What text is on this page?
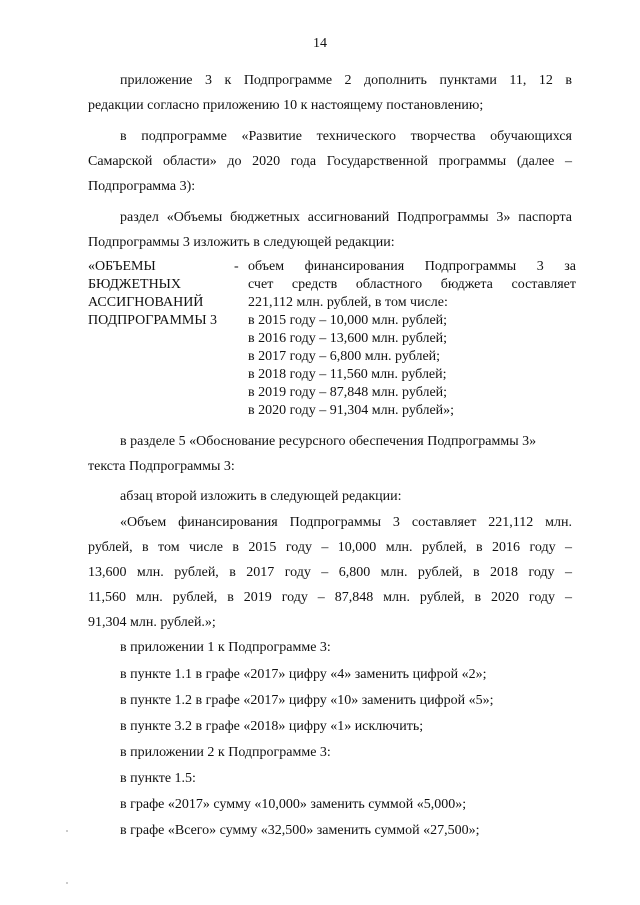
14
приложение 3 к Подпрограмме 2 дополнить пунктами 11, 12 в
редакции согласно приложению 10 к настоящему постановлению;
в подпрограмме «Развитие технического творчества обучающихся
Самарской области» до 2020 года Государственной программы (далее –
Подпрограмма 3):
раздел «Объемы бюджетных ассигнований Подпрограммы 3» паспорта
Подпрограммы 3 изложить в следующей редакции:
«ОБЪЕМЫ
БЮДЖЕТНЫХ
АССИГНОВАНИЙ
ПОДПРОГРАММЫ 3
- объем финансирования Подпрограммы 3 за
счет средств областного бюджета составляет
221,112 млн. рублей, в том числе:
в 2015 году – 10,000 млн. рублей;
в 2016 году – 13,600 млн. рублей;
в 2017 году – 6,800 млн. рублей;
в 2018 году – 11,560 млн. рублей;
в 2019 году – 87,848 млн. рублей;
в 2020 году – 91,304 млн. рублей»;
в разделе 5 «Обоснование ресурсного обеспечения Подпрограммы 3»
текста Подпрограммы 3:
абзац второй изложить в следующей редакции:
«Объем финансирования Подпрограммы 3 составляет 221,112 млн.
рублей, в том числе в 2015 году – 10,000 млн. рублей, в 2016 году –
13,600 млн. рублей, в 2017 году – 6,800 млн. рублей, в 2018 году –
11,560 млн. рублей, в 2019 году – 87,848 млн. рублей, в 2020 году –
91,304 млн. рублей.»;
в приложении 1 к Подпрограмме 3:
в пункте 1.1 в графе «2017» цифру «4» заменить цифрой «2»;
в пункте 1.2 в графе «2017» цифру «10» заменить цифрой «5»;
в пункте 3.2 в графе «2018» цифру «1» исключить;
в приложении 2 к Подпрограмме 3:
в пункте 1.5:
в графе «2017» сумму «10,000» заменить суммой «5,000»;
в графе «Всего» сумму «32,500» заменить суммой «27,500»;
